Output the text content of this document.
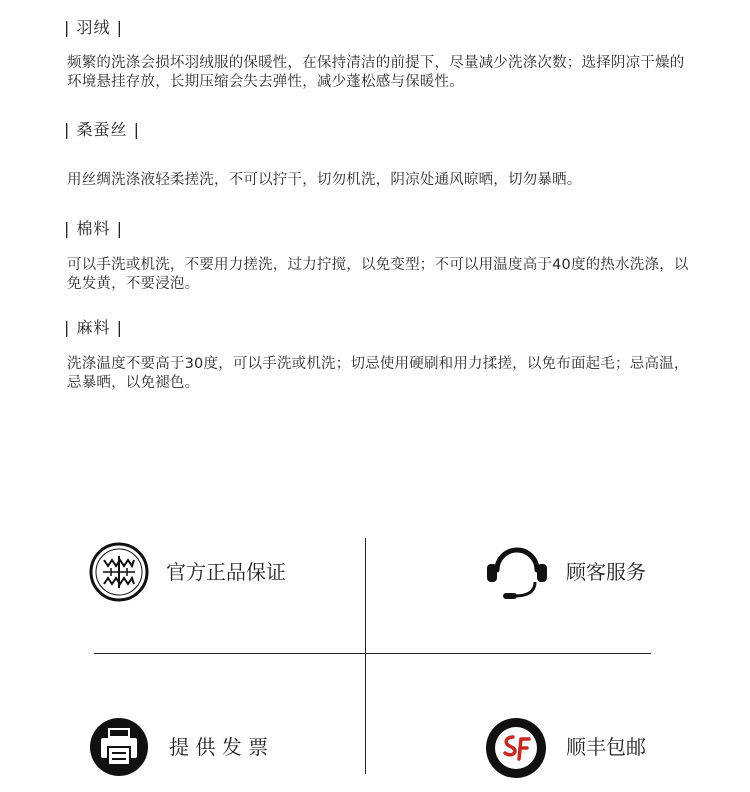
| 羽绒 |
频繁的洗涤会损坏羽绒服的保暖性，在保持清洁的前提下，尽量减少洗涤次数；选择阴凉干燥的环境悬挂存放，长期压缩会失去弹性，减少蓬松感与保暖性。
| 桑蚕丝 |
用丝绸洗涤液轻柔搓洗，不可以拧干，切勿机洗，阴凉处通风晾晒，切勿暴晒。
| 棉料 |
可以手洗或机洗，不要用力搓洗，过力拧搅，以免变型；不可以用温度高于40度的热水洗涤，以免发黄，不要浸泡。
| 麻料 |
洗涤温度不要高于30度，可以手洗或机洗；切忌使用硬刷和用力揉搓，以免布面起毛；忌高温，忌暴晒，以免褪色。
官方正品保证	顾客服务
提 供 发 票	顺丰包邮
